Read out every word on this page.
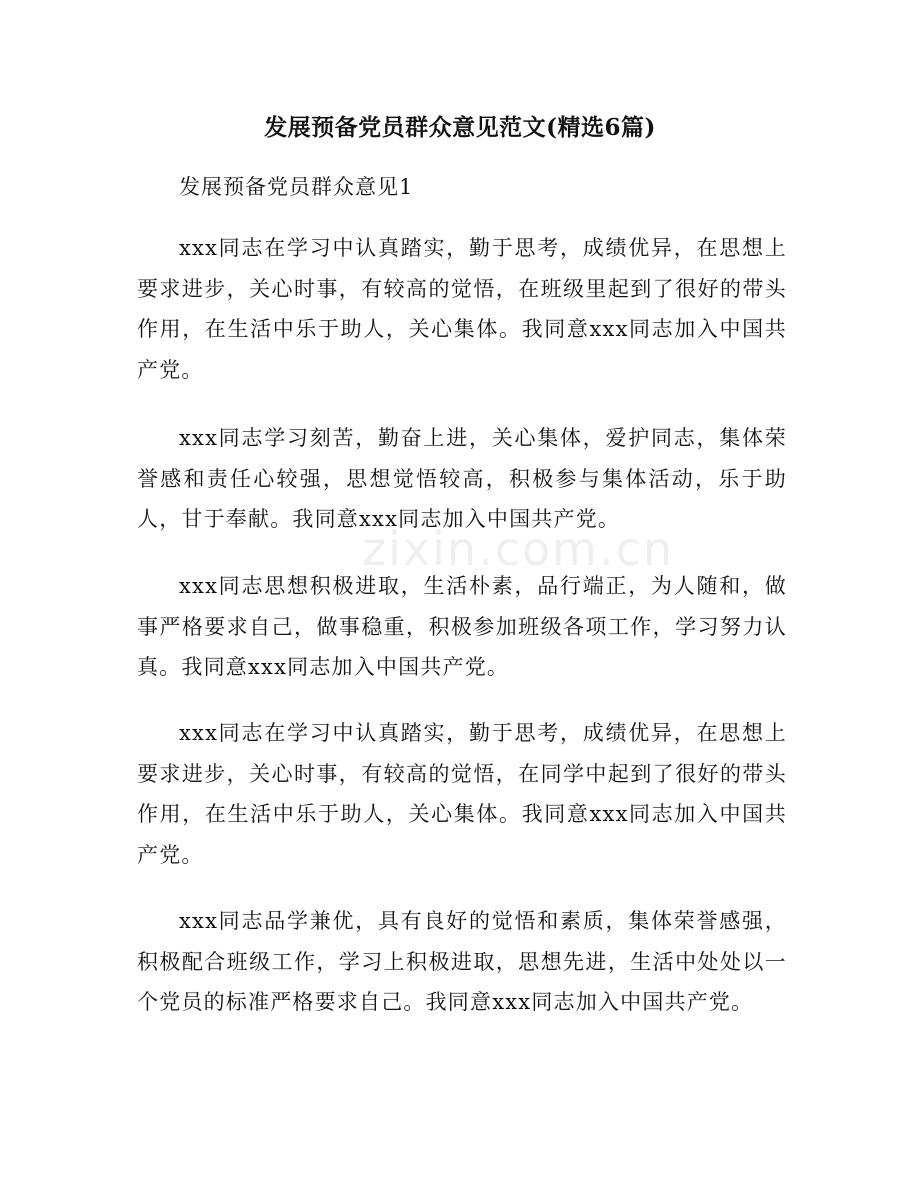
发展预备党员群众意见范文(精选6篇)
发展预备党员群众意见1

xxx同志在学习中认真踏实，勤于思考，成绩优异，在思想上要求进步，关心时事，有较高的觉悟，在班级里起到了很好的带头作用，在生活中乐于助人，关心集体。我同意xxx同志加入中国共产党。

xxx同志学习刻苦，勤奋上进，关心集体，爱护同志，集体荣誉感和责任心较强，思想觉悟较高，积极参与集体活动，乐于助人，甘于奉献。我同意xxx同志加入中国共产党。

xxx同志思想积极进取，生活朴素，品行端正，为人随和，做事严格要求自己，做事稳重，积极参加班级各项工作，学习努力认真。我同意xxx同志加入中国共产党。

xxx同志在学习中认真踏实，勤于思考，成绩优异，在思想上要求进步，关心时事，有较高的觉悟，在同学中起到了很好的带头作用，在生活中乐于助人，关心集体。我同意xxx同志加入中国共产党。

xxx同志品学兼优，具有良好的觉悟和素质，集体荣誉感强，积极配合班级工作，学习上积极进取，思想先进，生活中处处以一个党员的标准严格要求自己。我同意xxx同志加入中国共产党。

zixin.com.cn
